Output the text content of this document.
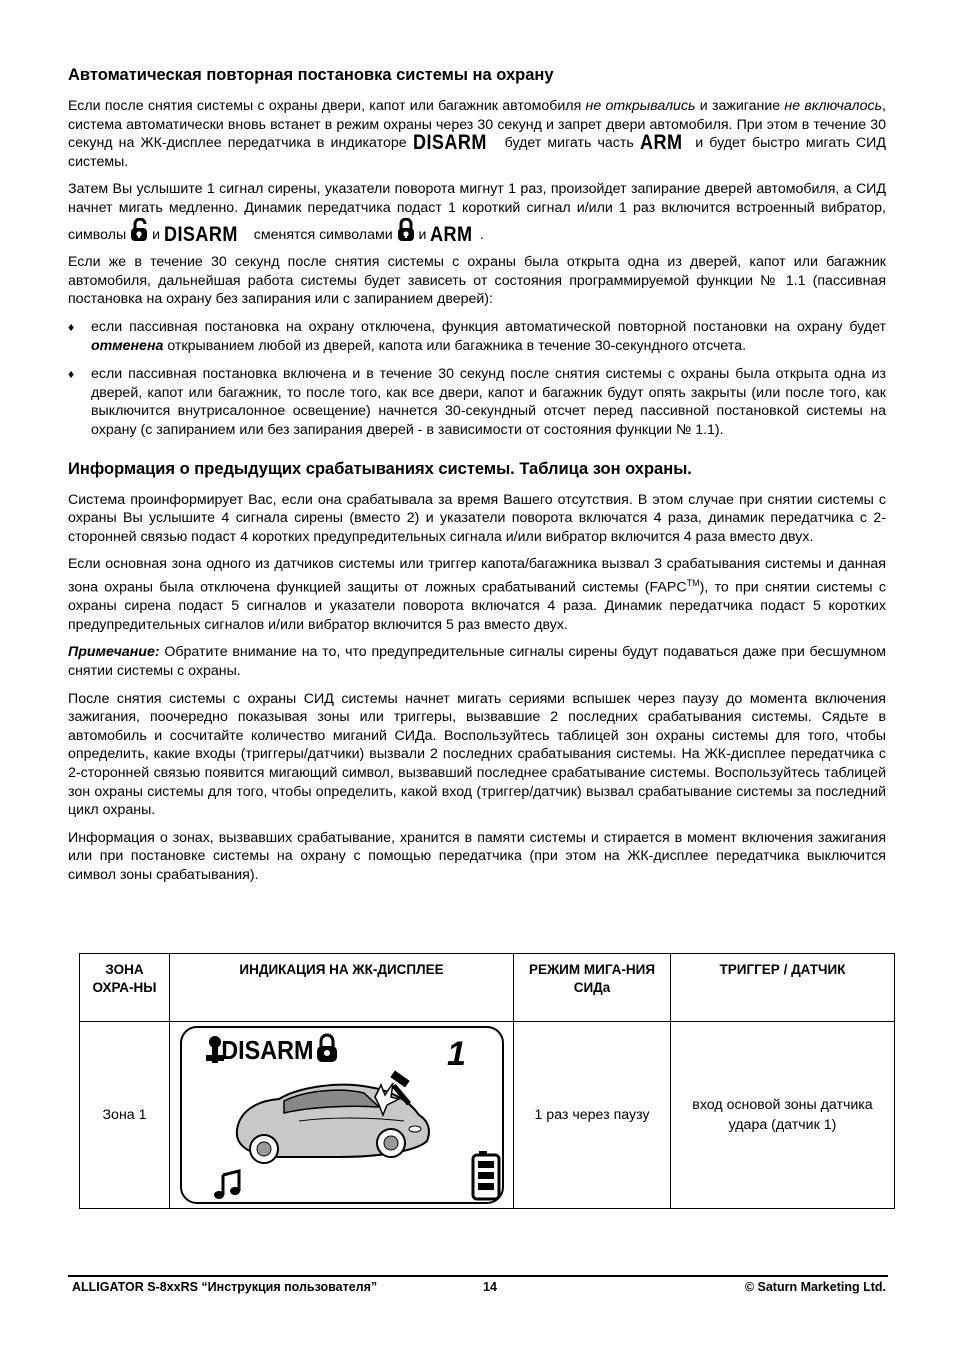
Автоматическая повторная постановка системы на охрану

Если после снятия системы с охраны двери, капот или багажник автомобиля не открывались и зажигание не включалось, система автоматически вновь встанет в режим охраны через 30 секунд и запрет двери автомобиля. При этом в течение 30 секунд на ЖК-дисплее передатчика в индикаторе DISARM будет мигать часть ARM и будет быстро мигать СИД системы.

Затем Вы услышите 1 сигнал сирены, указатели поворота мигнут 1 раз, произойдет запирание дверей автомобиля, а СИД начнет мигать медленно. Динамик передатчика подаст 1 короткий сигнал и/или 1 раз включится встроенный вибратор, символы  и DISARM сменятся символами  и ARM .

Если же в течение 30 секунд после снятия системы с охраны была открыта одна из дверей, капот или багажник автомобиля, дальнейшая работа системы будет зависеть от состояния программируемой функции № 1.1 (пассивная постановка на охрану без запирания или с запиранием дверей):

♦ если пассивная постановка на охрану отключена, функция автоматической повторной постановки на охрану будет отменена открыванием любой из дверей, капота или багажника в течение 30-секундного отсчета.
♦ если пассивная постановка включена и в течение 30 секунд после снятия системы с охраны была открыта одна из дверей, капот или багажник, то после того, как все двери, капот и багажник будут опять закрыты (или после того, как выключится внутрисалонное освещение) начнется 30-секундный отсчет перед пассивной постановкой системы на охрану (с запиранием или без запирания дверей - в зависимости от состояния функции № 1.1).
Информация о предыдущих срабатываниях системы. Таблица зон охраны.

Система проинформирует Вас, если она срабатывала за время Вашего отсутствия. В этом случае при снятии системы с охраны Вы услышите 4 сигнала сирены (вместо 2) и указатели поворота включатся 4 раза, динамик передатчика с 2-сторонней связью подаст 4 коротких предупредительных сигнала и/или вибратор включится 4 раза вместо двух.

Если основная зона одного из датчиков системы или триггер капота/багажника вызвал 3 срабатывания системы и данная зона охраны была отключена функцией защиты от ложных срабатываний системы (FAPC™), то при снятии системы с охраны сирена подаст 5 сигналов и указатели поворота включатся 4 раза. Динамик передатчика подаст 5 коротких предупредительных сигналов и/или вибратор включится 5 раз вместо двух.

Примечание: Обратите внимание на то, что предупредительные сигналы сирены будут подаваться даже при бесшумном снятии системы с охраны.

После снятия системы с охраны СИД системы начнет мигать сериями вспышек через паузу до момента включения зажигания, поочередно показывая зоны или триггеры, вызвавшие 2 последних срабатывания системы. Сядьте в автомобиль и сосчитайте количество миганий СИДа. Воспользуйтесь таблицей зон охраны системы для того, чтобы определить, какие входы (триггеры/датчики) вызвали 2 последних срабатывания системы. На ЖК-дисплее передатчика с 2-сторонней связью появится мигающий символ, вызвавший последнее срабатывание системы. Воспользуйтесь таблицей зон охраны системы для того, чтобы определить, какой вход (триггер/датчик) вызвал срабатывание системы за последний цикл охраны.

Информация о зонах, вызвавших срабатывание, хранится в памяти системы и стирается в момент включения зажигания или при постановке системы на охрану с помощью передатчика (при этом на ЖК-дисплее передатчика выключится символ зоны срабатывания).

ЗОНА ОХРА-НЫ	ИНДИКАЦИЯ НА ЖК-ДИСПЛЕЕ	РЕЖИМ МИГА-НИЯ СИДа	ТРИГГЕР / ДАТЧИК
Зона 1	DISARM 1	1 раз через паузу	вход основой зоны датчика удара (датчик 1)
ALLIGATOR S-8xxRS “Инструкция пользователя”	14	© Saturn Marketing Ltd.
